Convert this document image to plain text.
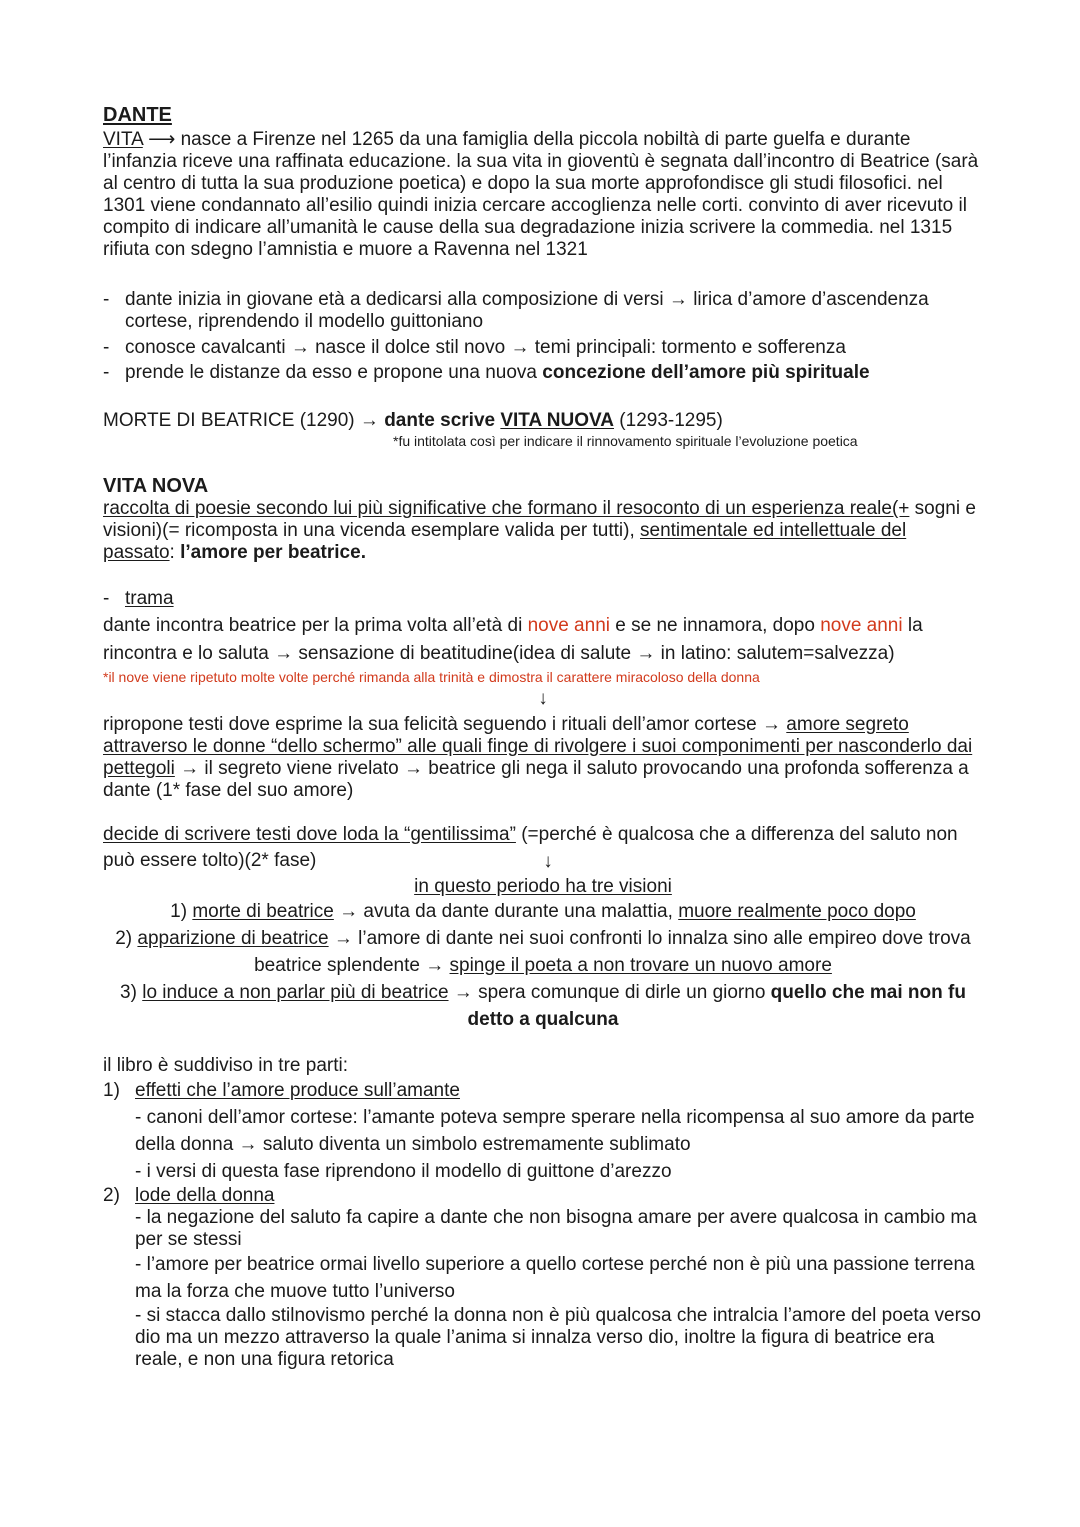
DANTE

VITA ⟶ nasce a Firenze nel 1265 da una famiglia della piccola nobiltà di parte guelfa e durante l’infanzia riceve una raffinata educazione. la sua vita in gioventù è segnata dall’incontro di Beatrice (sarà al centro di tutta la sua produzione poetica) e dopo la sua morte approfondisce gli studi filosofici. nel 1301 viene condannato all’esilio quindi inizia cercare accoglienza nelle corti. convinto di aver ricevuto il compito di indicare all’umanità le cause della sua degradazione inizia scrivere la commedia. nel 1315 rifiuta con sdegno l’amnistia e muore a Ravenna nel 1321

- dante inizia in giovane età a dedicarsi alla composizione di versi → lirica d’amore d’ascendenza cortese, riprendendo il modello guittoniano
- conosce cavalcanti → nasce il dolce stil novo → temi principali: tormento e sofferenza
- prende le distanze da esso e propone una nuova concezione dell’amore più spirituale

MORTE DI BEATRICE (1290) → dante scrive VITA NUOVA (1293-1295)

*fu intitolata così per indicare il rinnovamento spirituale l’evoluzione poetica

VITA NOVA

raccolta di poesie secondo lui più significative che formano il resoconto di un esperienza reale(+ sogni e visioni)(= ricomposta in una vicenda esemplare valida per tutti), sentimentale ed intellettuale del passato: l’amore per beatrice.

- trama

dante incontra beatrice per la prima volta all’età di nove anni e se ne innamora, dopo nove anni la rincontra e lo saluta → sensazione di beatitudine(idea di salute → in latino: salutem=salvezza)

*il nove viene ripetuto molte volte perché rimanda alla trinità e dimostra il carattere miracoloso della donna

↓

ripropone testi dove esprime la sua felicità seguendo i rituali dell’amor cortese → amore segreto attraverso le donne “dello schermo” alle quali finge di rivolgere i suoi componimenti per nasconderlo dai pettegoli → il segreto viene rivelato → beatrice gli nega il saluto provocando una profonda sofferenza a dante (1* fase del suo amore)

decide di scrivere testi dove loda la “gentilissima” (=perché è qualcosa che a differenza del saluto non può essere tolto)(2* fase)	↓

in questo periodo ha tre visioni

1) morte di beatrice → avuta da dante durante una malattia, muore realmente poco dopo

2) apparizione di beatrice → l’amore di dante nei suoi confronti lo innalza sino alle empireo dove trova beatrice splendente → spinge il poeta a non trovare un nuovo amore

3) lo induce a non parlar più di beatrice → spera comunque di dirle un giorno quello che mai non fu detto a qualcuna

il libro è suddiviso in tre parti:

1) effetti che l’amore produce sull’amante

- canoni dell’amor cortese: l’amante poteva sempre sperare nella ricompensa al suo amore da parte della donna → saluto diventa un simbolo estremamente sublimato

- i versi di questa fase riprendono il modello di guittone d’arezzo

2) lode della donna

- la negazione del saluto fa capire a dante che non bisogna amare per avere qualcosa in cambio ma per se stessi

- l’amore per beatrice ormai livello superiore a quello cortese perché non è più una passione terrena ma la forza che muove tutto l’universo

- si stacca dallo stilnovismo perché la donna non è più qualcosa che intralcia l’amore del poeta verso dio ma un mezzo attraverso la quale l’anima si innalza verso dio, inoltre la figura di beatrice era reale, e non una figura retorica
